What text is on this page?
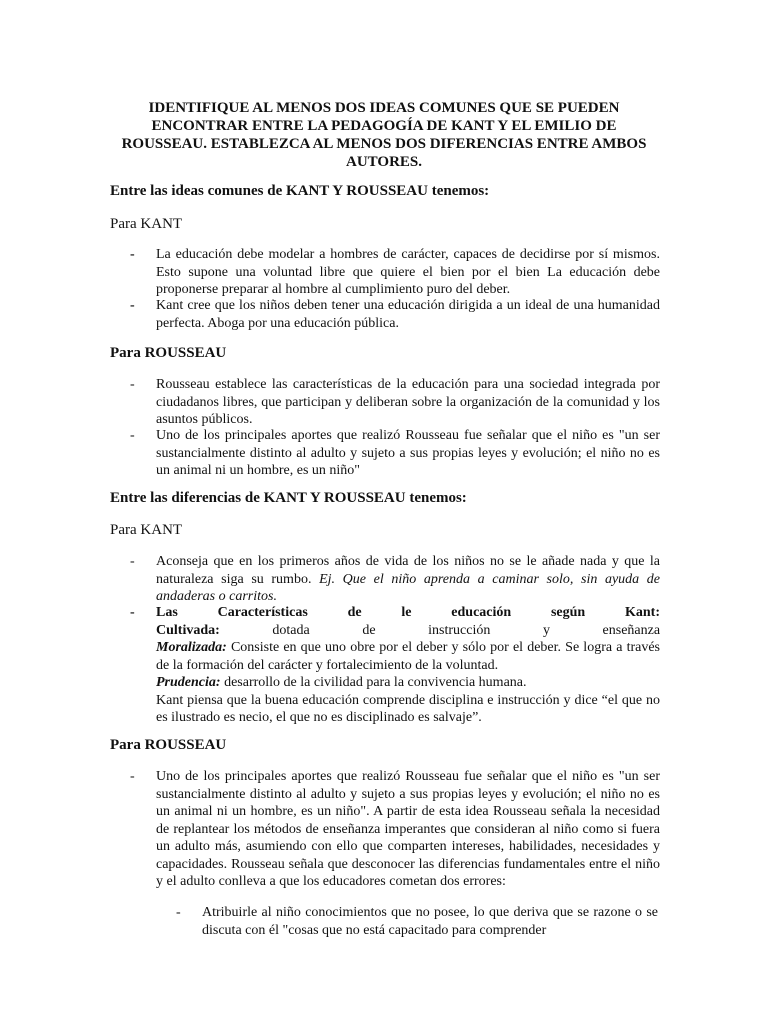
IDENTIFIQUE AL MENOS DOS IDEAS COMUNES QUE SE PUEDEN ENCONTRAR ENTRE LA PEDAGOGÍA DE KANT Y EL EMILIO DE ROUSSEAU. ESTABLEZCA AL MENOS DOS DIFERENCIAS ENTRE AMBOS AUTORES.
Entre las ideas comunes de KANT Y ROUSSEAU tenemos:
Para KANT
-	La educación debe modelar a hombres de carácter, capaces de decidirse por sí mismos. Esto supone una voluntad libre que quiere el bien por el bien La educación debe proponerse preparar al hombre al cumplimiento puro del deber.
-	Kant cree que los niños deben tener una educación dirigida a un ideal de una humanidad perfecta. Aboga por una educación pública.
Para ROUSSEAU
-	Rousseau establece las características de la educación para una sociedad integrada por ciudadanos libres, que participan y deliberan sobre la organización de la comunidad y los asuntos públicos.
-	Uno de los principales aportes que realizó Rousseau fue señalar que el niño es "un ser sustancialmente distinto al adulto y sujeto a sus propias leyes y evolución; el niño no es un animal ni un hombre, es un niño"
Entre las diferencias de KANT Y ROUSSEAU tenemos:
Para KANT
-	Aconseja que en los primeros años de vida de los niños no se le añade nada y que la naturaleza siga su rumbo. Ej. Que el niño aprenda a caminar solo, sin ayuda de andaderas o carritos.
-	Las	Características	de	le	educación	según	Kant:
Cultivada:	dotada	de	instrucción	y	enseñanza
Moralizada: Consiste en que uno obre por el deber y sólo por el deber. Se logra a través de la formación del carácter y fortalecimiento de la voluntad.
Prudencia: desarrollo de la civilidad para la convivencia humana.
Kant piensa que la buena educación comprende disciplina e instrucción y dice “el que no es ilustrado es necio, el que no es disciplinado es salvaje”.
Para ROUSSEAU
-	Uno de los principales aportes que realizó Rousseau fue señalar que el niño es "un ser sustancialmente distinto al adulto y sujeto a sus propias leyes y evolución; el niño no es un animal ni un hombre, es un niño". A partir de esta idea Rousseau señala la necesidad de replantear los métodos de enseñanza imperantes que consideran al niño como si fuera un adulto más, asumiendo con ello que comparten intereses, habilidades, necesidades y capacidades. Rousseau señala que desconocer las diferencias fundamentales entre el niño y el adulto conlleva a que los educadores cometan dos errores:
-	Atribuirle al niño conocimientos que no posee, lo que deriva que se razone o se discuta con él "cosas que no está capacitado para comprender
